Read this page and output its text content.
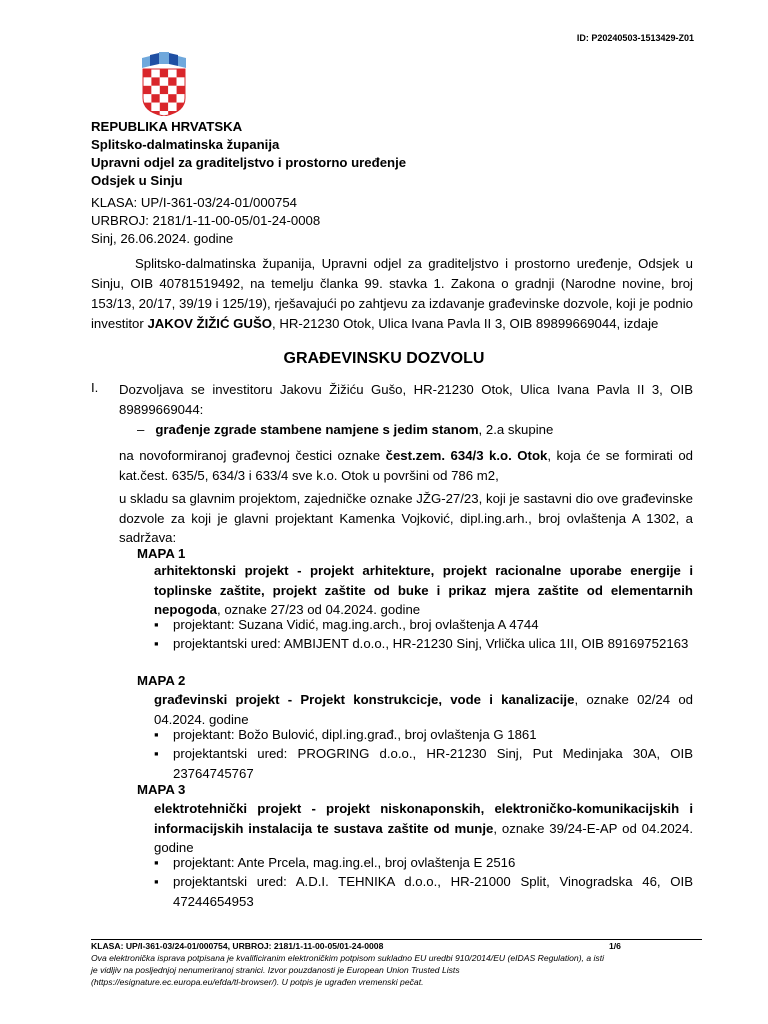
ID: P20240503-1513429-Z01
REPUBLIKA HRVATSKA
Splitsko-dalmatinska županija
Upravni odjel za graditeljstvo i prostorno uređenje
Odsjek u Sinju
KLASA: UP/I-361-03/24-01/000754
URBROJ: 2181/1-11-00-05/01-24-0008
Sinj, 26.06.2024. godine

Splitsko-dalmatinska županija, Upravni odjel za graditeljstvo i prostorno uređenje, Odsjek u Sinju, OIB 40781519492, na temelju članka 99. stavka 1. Zakona o gradnji (Narodne novine, broj 153/13, 20/17, 39/19 i 125/19), rješavajući po zahtjevu za izdavanje građevinske dozvole, koji je podnio investitor JAKOV ŽIŽIĆ GUŠO, HR-21230 Otok, Ulica Ivana Pavla II 3, OIB 89899669044, izdaje

GRAĐEVINSKU DOZVOLU
I. Dozvoljava se investitoru Jakovu Žižiću Gušo, HR-21230 Otok, Ulica Ivana Pavla II 3, OIB 89899669044:

– građenje zgrade stambene namjene s jedim stanom, 2.a skupine

na novoformiranoj građevnoj čestici oznake čest.zem. 634/3 k.o. Otok, koja će se formirati od kat.čest. 635/5, 634/3 i 633/4 sve k.o. Otok u površini od 786 m2,

u skladu sa glavnim projektom, zajedničke oznake JŽG-27/23, koji je sastavni dio ove građevinske dozvole za koji je glavni projektant Kamenka Vojković, dipl.ing.arh., broj ovlaštenja A 1302, a sadržava:

MAPA 1

arhitektonski projekt - projekt arhitekture, projekt racionalne uporabe energije i toplinske zaštite, projekt zaštite od buke i prikaz mjera zaštite od elementarnih nepogoda, oznake 27/23 od 04.2024. godine

▪ projektant: Suzana Vidić, mag.ing.arch., broj ovlaštenja A 4744
▪ projektantski ured: AMBIJENT d.o.o., HR-21230 Sinj, Vrlička ulica 1II, OIB 89169752163
MAPA 2

građevinski projekt - Projekt konstrukcicje, vode i kanalizacije, oznake 02/24 od 04.2024. godine

▪ projektant: Božo Bulović, dipl.ing.građ., broj ovlaštenja G 1861
▪ projektantski ured: PROGRING d.o.o., HR-21230 Sinj, Put Medinjaka 30A, OIB 23764745767
MAPA 3

elektrotehnički projekt - projekt niskonaponskih, elektroničko-komunikacijskih i informacijskih instalacija te sustava zaštite od munje, oznake 39/24-E-AP od 04.2024. godine

▪ projektant: Ante Prcela, mag.ing.el., broj ovlaštenja E 2516
▪ projektantski ured: A.D.I. TEHNIKA d.o.o., HR-21000 Split, Vinogradska 46, OIB 47244654953
KLASA: UP/I-361-03/24-01/000754, URBROJ: 2181/1-11-00-05/01-24-0008	1/6
Ova elektronička isprava potpisana je kvalificiranim elektroničkim potpisom sukladno EU uredbi 910/2014/EU (eIDAS Regulation), a isti je vidljiv na posljednjoj nenumeriranoj stranici. Izvor pouzdanosti je European Union Trusted Lists (https://esignature.ec.europa.eu/efda/tl-browser/). U potpis je ugrađen vremenski pečat.
